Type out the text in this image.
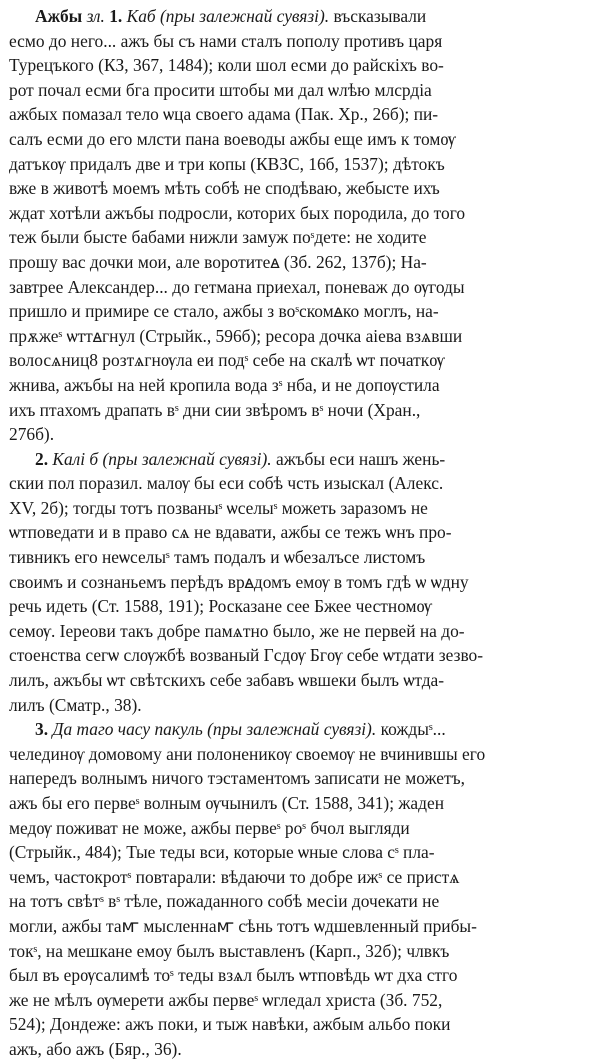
Ажбы зл. 1. Каб (пры залежнай сувязі). въсказывали
есмо до него... ажъ бы съ нами сталъ пополу противъ царя
Турецъкого (КЗ, 367, 1484); коли шол есми до райскіхъ во-
рот почал есми бга просити штобы ми дал ѡлѣю млсрдіа
ажбых помазал тело ѡца своего адама (Пак. Хр., 26б); пи-
салъ есми до его млсти пана воеводы ажбы еще имъ к томѹ
датъкѹ придалъ две и три копы (КВЗС, 16б, 1537); дѣтокъ
вже в животѣ моемъ мѣть собѣ не сподѣваю, жебысте ихъ
ждат хотѣли ажъбы подросли, которих бых породила, до того
теж были бысте бабами нижли замуж поˢдете: не ходите
прошу вас дочки мои, але воротитеꙙ (Зб. 262, 137б); На-
завтрее Александер... до гетмана приехал, поневаж до ѹгоды
пришло и примире се стало, ажбы з воˢскомꙙко моглъ, на-
прѫжеˢ ѡттꙙгнул (Стрыйк., 596б); ресора дочка аіева взѧвши
волосѧниц8 розтѧгнѹла еи подˢ себе на скалѣ ѡт початкѹ
жнива, ажъбы на ней кропила вода зˢ нба, и не допѹстила
ихъ птахомъ драпать вˢ дни сии звѣромъ вˢ ночи (Хран.,
276б).
2. Калі б (пры залежнай сувязі). ажъбы еси нашъ жень-
скии пол поразил. малѹ бы еси собѣ чсть изыскал (Алекс.
XV, 2б); тогды тотъ позваныˢ ѡселыˢ можеть заразомъ не
ѡтповедати и в право сѧ не вдавати, ажбы се тежъ ѡнъ про-
тивникъ его неѡселыˢ тамъ подалъ и ѡбезалъсе листомъ
своимъ и сознаньемъ перѣдъ врꙙдомъ емѹ в томъ гдѣ ѡ ѡдну
речь идеть (Ст. 1588, 191); Росказане сее Бжее честномѹ
семѹ. Іереови такъ добре памѧтно было, же не первей на до-
стоенства сегѡ слѹжбѣ возваный Гсдѹ Бгѹ себе ѡтдати зезво-
лилъ, ажъбы ѡт свѣтскихъ себе забавъ ѡвшеки былъ ѡтда-
лилъ (Сматр., 38).
3. Да таго часу пакуль (пры залежнай сувязі). кождыˢ...
челединѹ домовому ани полоненикѹ своемѹ не вчинившы его
напередъ волнымъ ничого тэстаментомъ записати не можетъ,
ажъ бы его первеˢ волным ѹчынилъ (Ст. 1588, 341); жаден
медѹ поживат не може, ажбы первеˢ роˢ бчол выгляди
(Стрыйк., 484); Тые теды вси, которые ѡные слова сˢ пла-
чемъ, частокротˢ повтарали: вѣдаючи то добре ижˢ се пристѧ
на тотъ свѣтˢ вˢ тѣле, пожаданного собѣ месіи дочекати не
могли, ажбы таꙧ мысленнаꙧ сѣнь тотъ ѡдшевленный прибы-
токˢ, на мешкане емоу былъ выставленъ (Карп., 32б); члвкъ
был въ ерѹсалимѣ тоˢ теды взѧл былъ ѡтповѣдь ѡт дха стго
же не мѣлъ ѹмерети ажбы первеˢ ѡгледал христа (Зб. 752,
524); Дондеже: ажъ поки, и тыж навѣки, ажбым альбо поки
ажъ, або ажъ (Бяр., 36).
